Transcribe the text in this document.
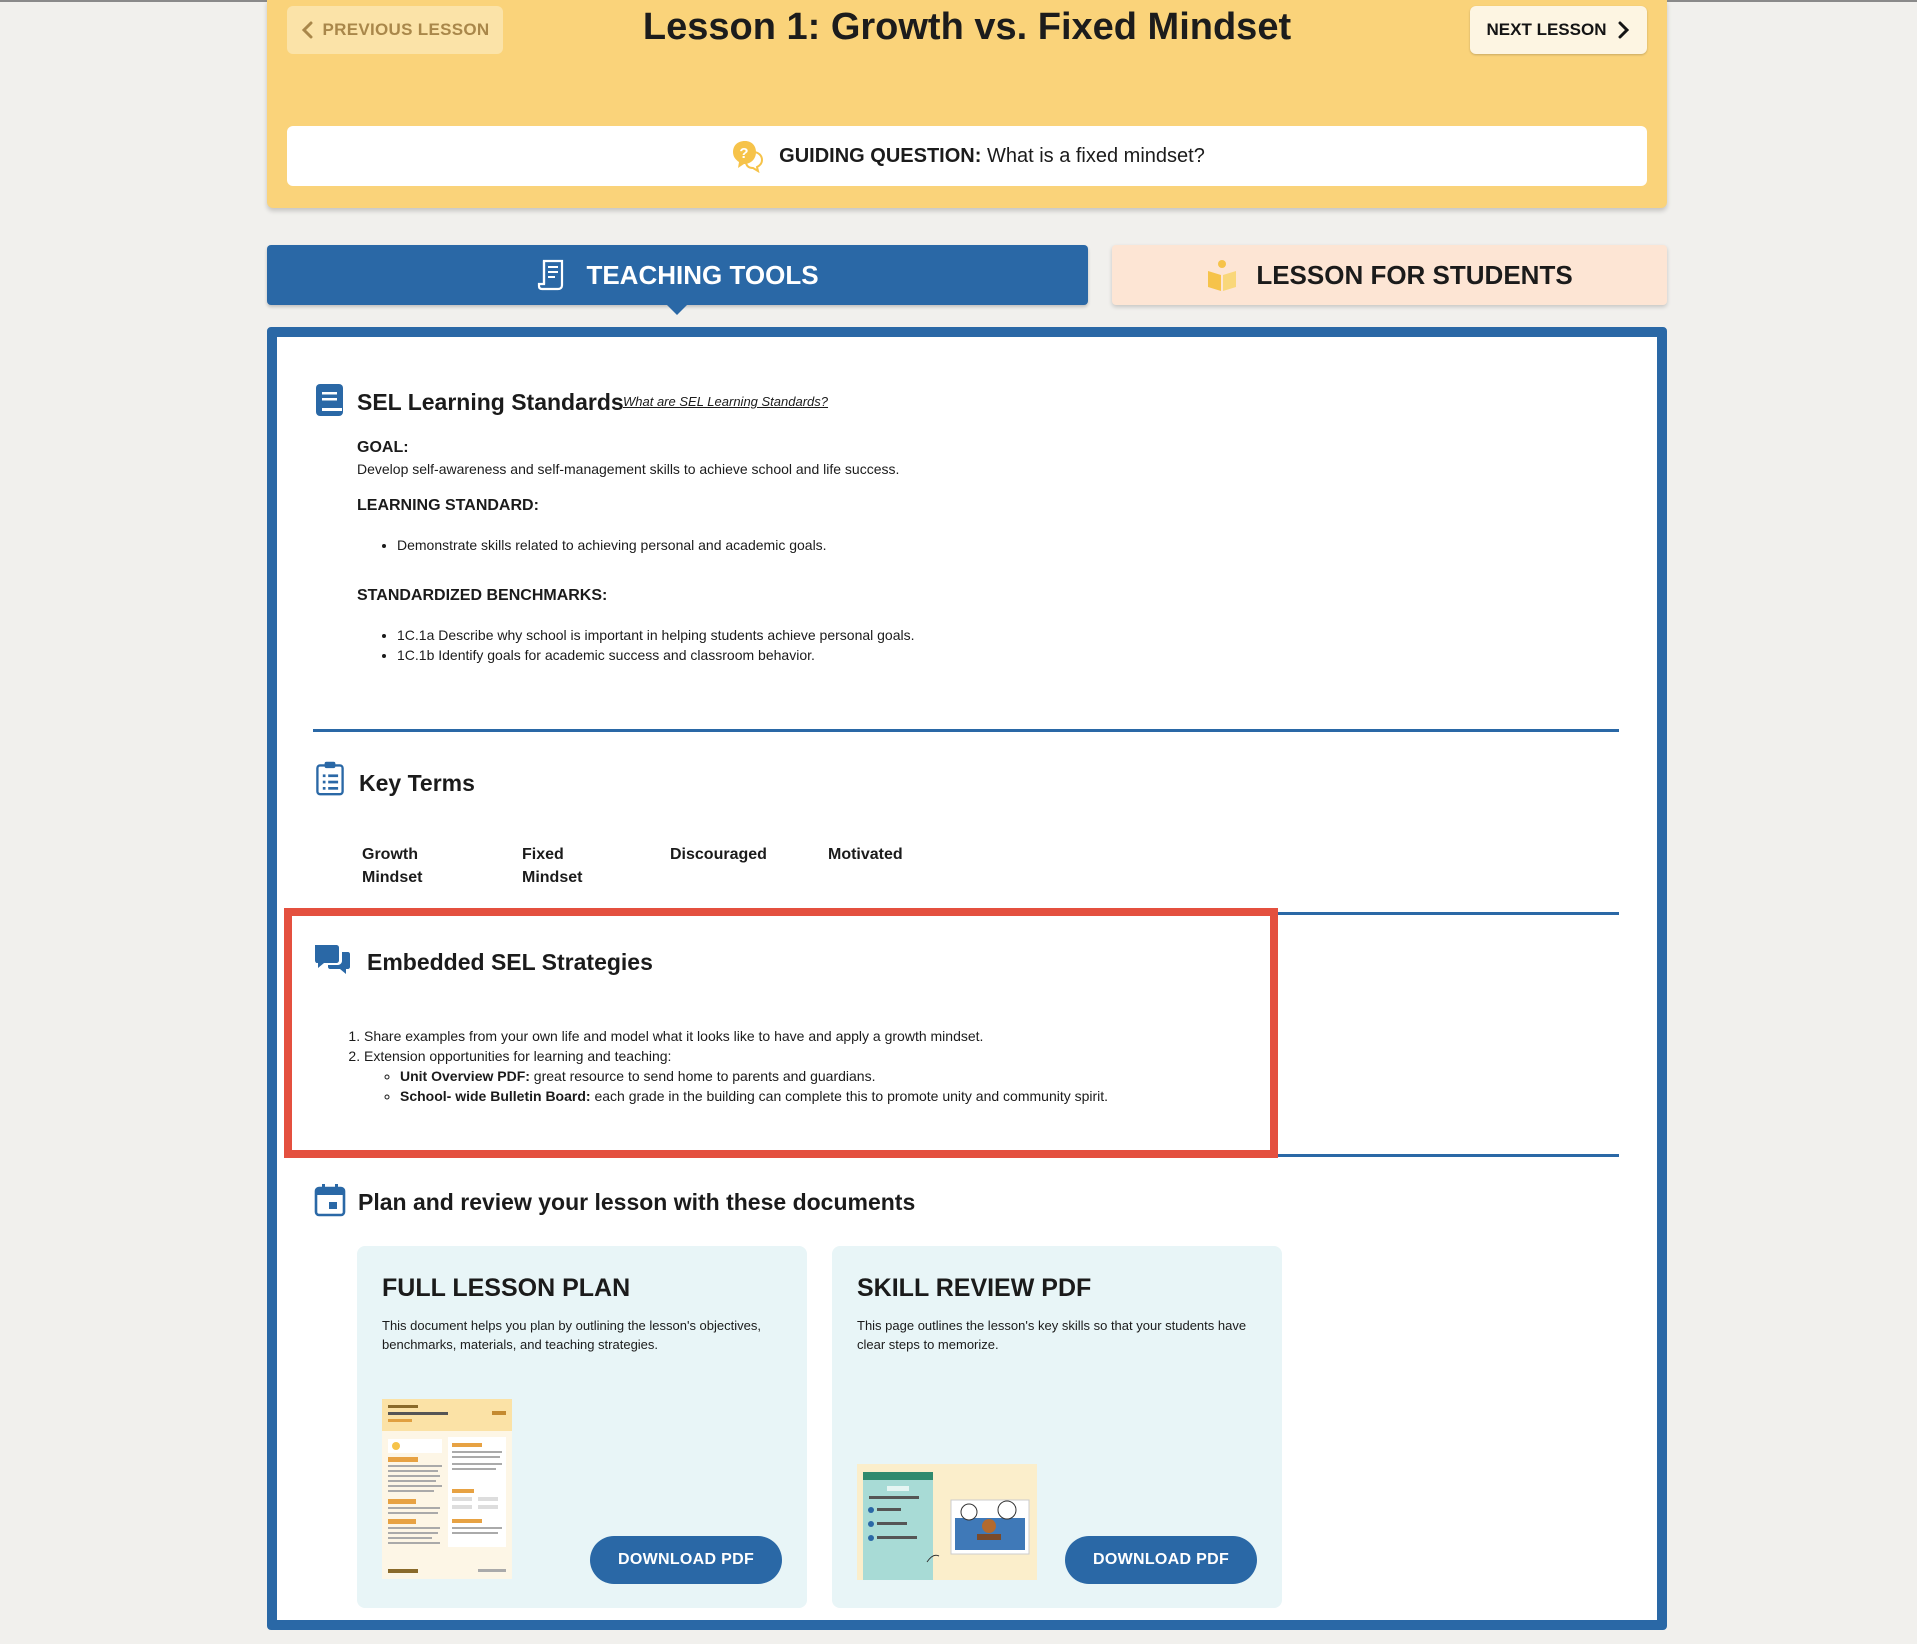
PREVIOUS LESSON	Lesson 1: Growth vs. Fixed Mindset	NEXT LESSON
? GUIDING QUESTION: What is a fixed mindset?
TEACHING TOOLS	LESSON FOR STUDENTS
SEL Learning Standards What are SEL Learning Standards?
GOAL:
Develop self-awareness and self-management skills to achieve school and life success.
LEARNING STANDARD:
• Demonstrate skills related to achieving personal and academic goals.
STANDARDIZED BENCHMARKS:
• 1C.1a Describe why school is important in helping students achieve personal goals.
• 1C.1b Identify goals for academic success and classroom behavior.
Key Terms
Growth Mindset
Fixed Mindset
Discouraged	Motivated
Plan and review your lesson with these documents
Embedded SEL Strategies
1. Share examples from your own life and model what it looks like to have and apply a growth mindset.
2. Extension opportunities for learning and teaching:
◦ Unit Overview PDF: great resource to send home to parents and guardians.
◦ School- wide Bulletin Board: each grade in the building can complete this to promote unity and community spirit.
FULL LESSON PLAN
This document helps you plan by outlining the lesson's objectives, benchmarks, materials, and teaching strategies.
DOWNLOAD PDF
SKILL REVIEW PDF
This page outlines the lesson's key skills so that your students have clear steps to memorize.
DOWNLOAD PDF
